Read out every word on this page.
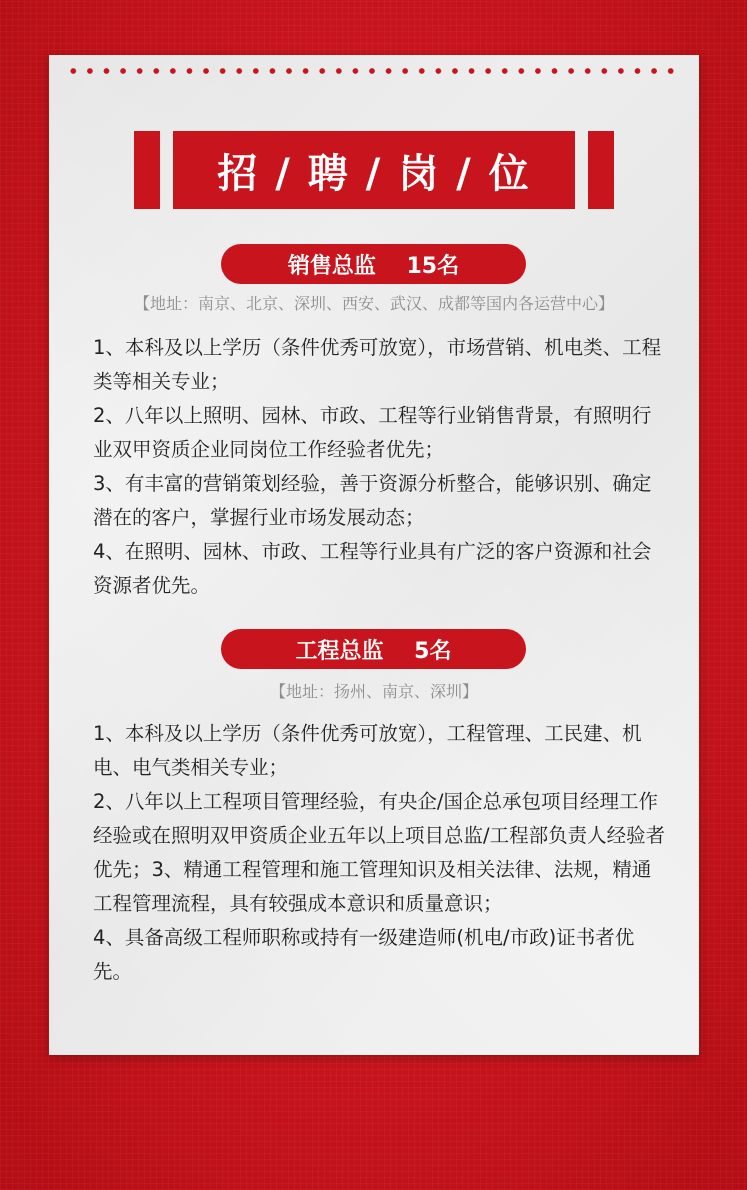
招 / 聘 / 岗 / 位
销售总监    15名
【地址：南京、北京、深圳、西安、武汉、成都等国内各运营中心】

1、本科及以上学历（条件优秀可放宽），市场营销、机电类、工程类等相关专业；

2、八年以上照明、园林、市政、工程等行业销售背景，有照明行业双甲资质企业同岗位工作经验者优先；

3、有丰富的营销策划经验，善于资源分析整合，能够识别、确定潜在的客户，掌握行业市场发展动态；

4、在照明、园林、市政、工程等行业具有广泛的客户资源和社会资源者优先。

工程总监    5名
【地址：扬州、南京、深圳】

1、本科及以上学历（条件优秀可放宽），工程管理、工民建、机电、电气类相关专业；

2、八年以上工程项目管理经验，有央企/国企总承包项目经理工作经验或在照明双甲资质企业五年以上项目总监/工程部负责人经验者优先；3、精通工程管理和施工管理知识及相关法律、法规，精通工程管理流程，具有较强成本意识和质量意识；

4、具备高级工程师职称或持有一级建造师(机电/市政)证书者优先。
